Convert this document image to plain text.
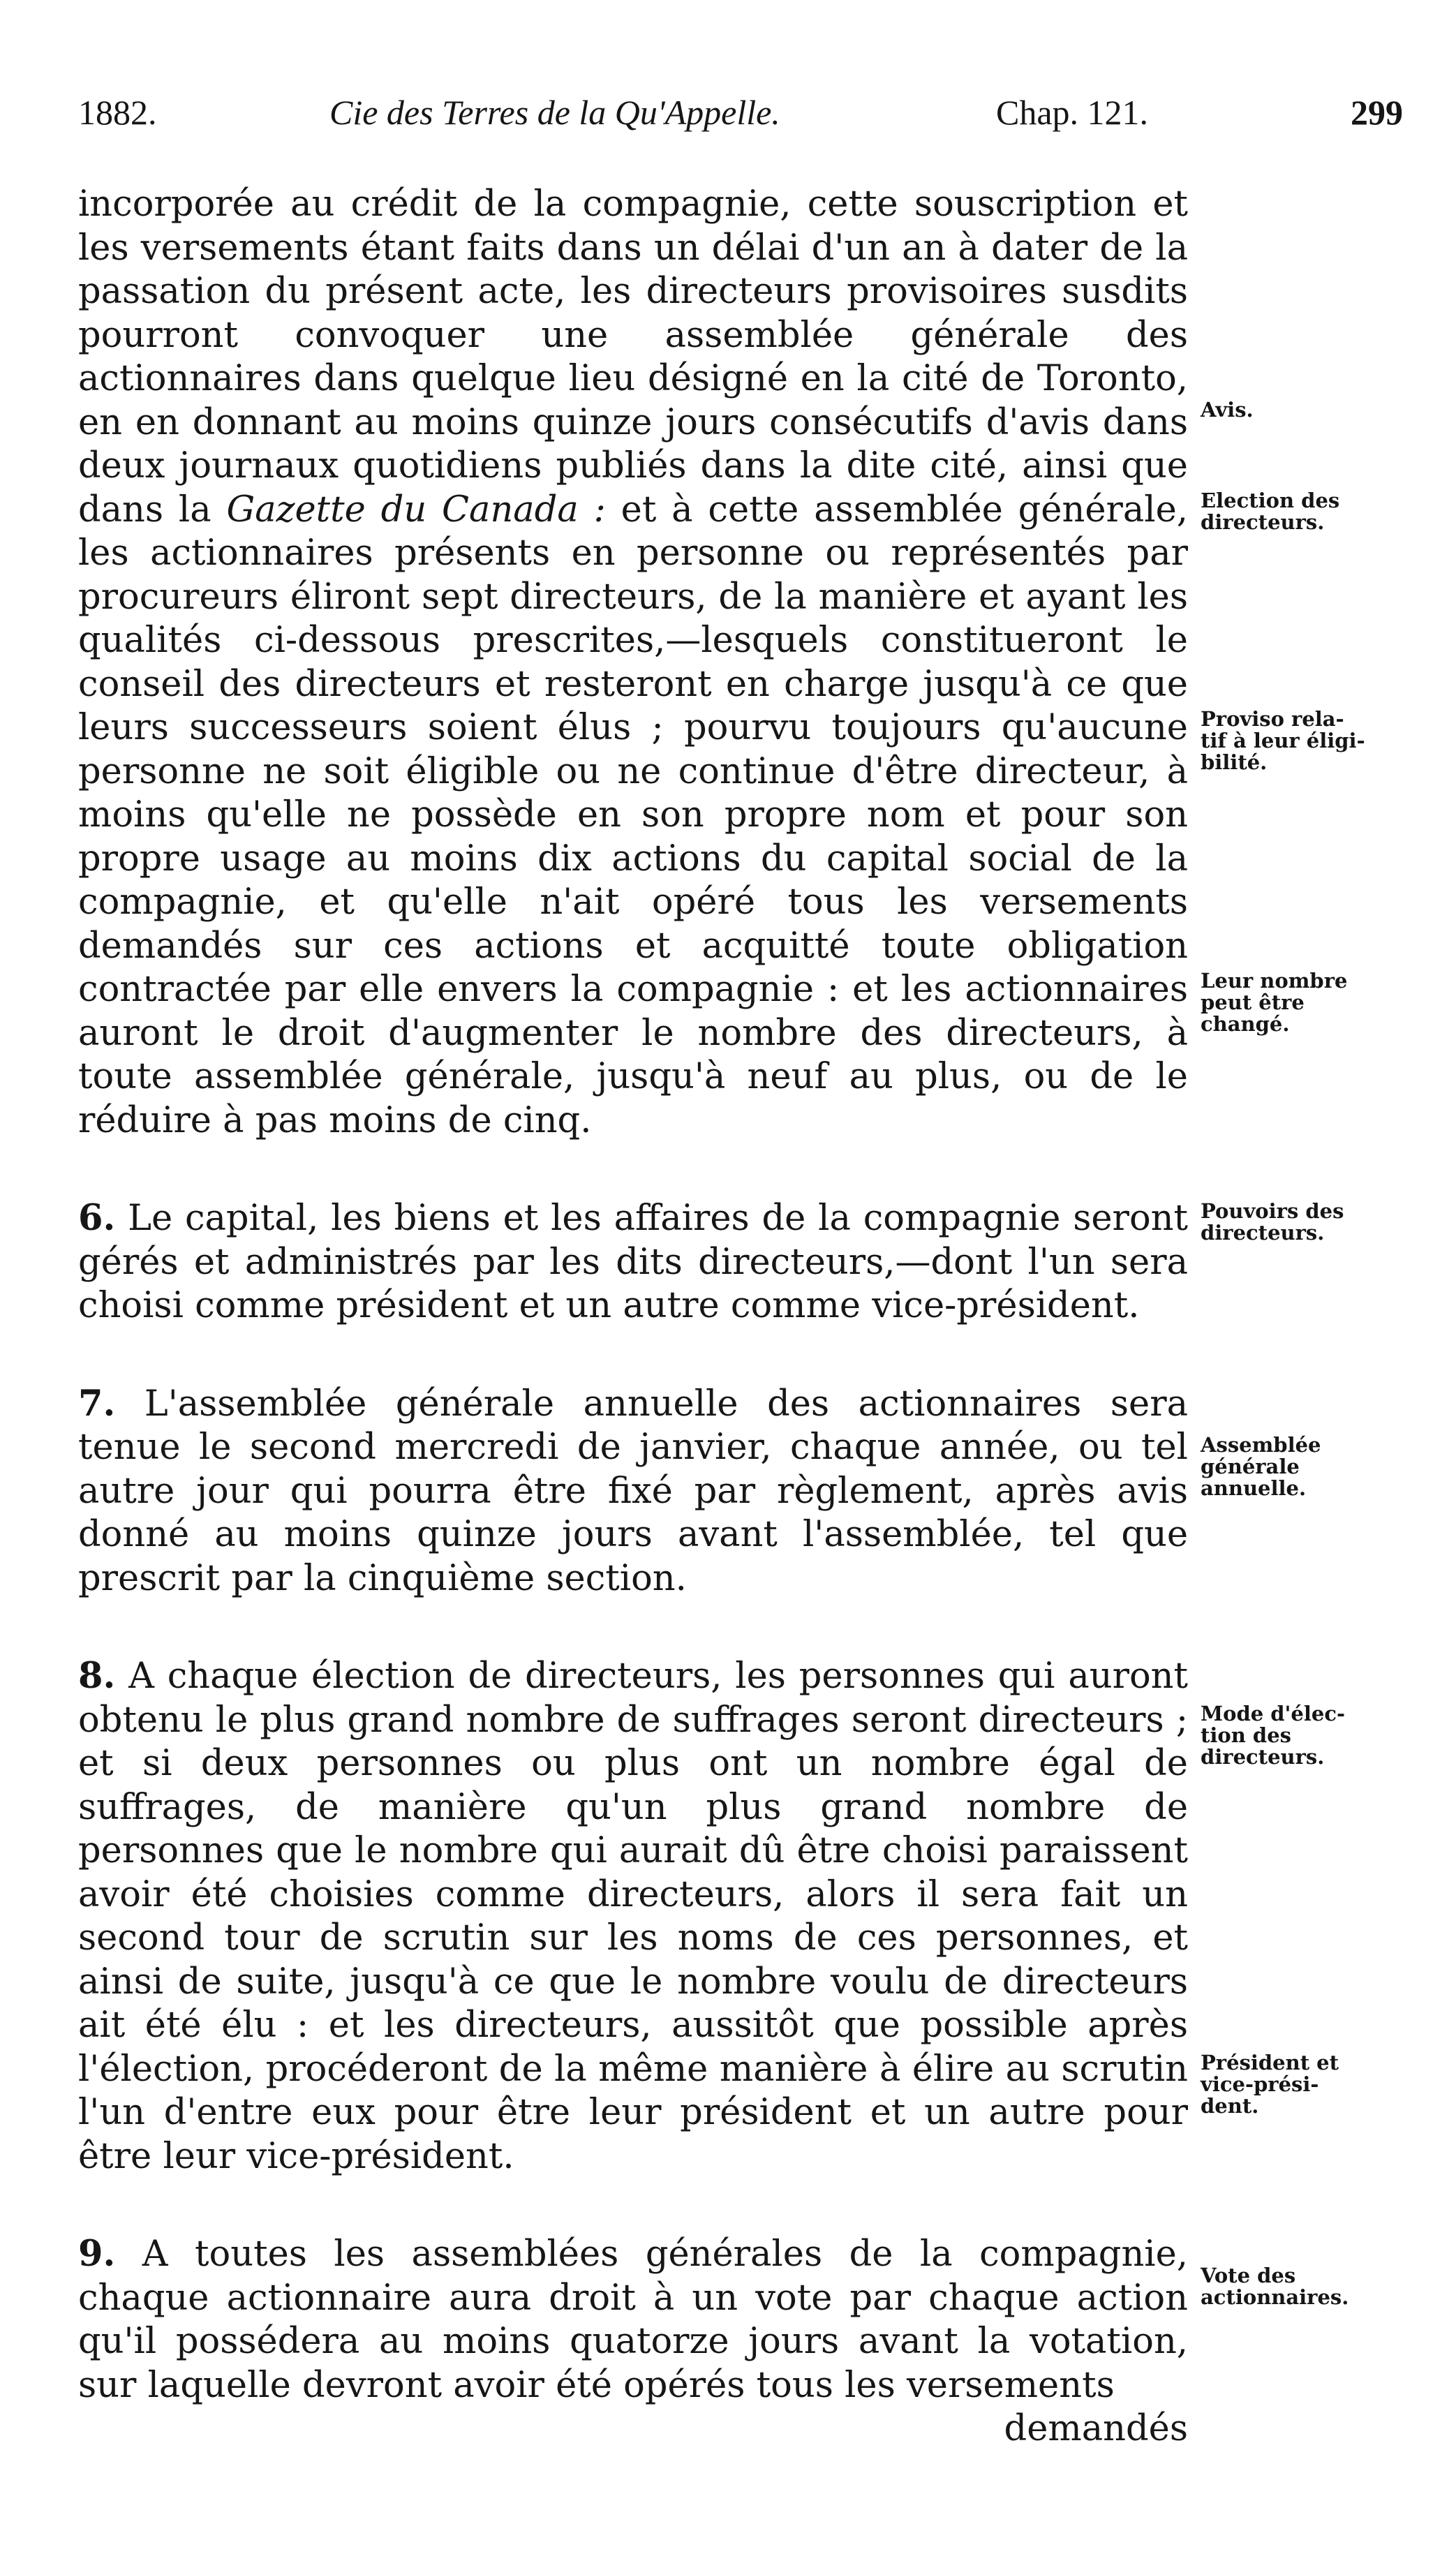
1882.	Cie des Terres de la Qu'Appelle.	Chap. 121.	299

incorporée au crédit de la compagnie, cette souscription et les versements étant faits dans un délai d'un an à dater de la passation du présent acte, les directeurs provisoires susdits pourront convoquer une assemblée générale des actionnaires dans quelque lieu désigné en la cité de Toronto, en en donnant au moins quinze jours consécutifs d'avis dans deux journaux quotidiens publiés dans la dite cité, ainsi que dans la Gazette du Canada : et à cette assemblée générale, les actionnaires présents en personne ou représentés par procureurs éliront sept directeurs, de la manière et ayant les qualités ci-dessous prescrites,—lesquels constitueront le conseil des directeurs et resteront en charge jusqu'à ce que leurs successeurs soient élus ; pourvu toujours qu'aucune personne ne soit éligible ou ne continue d'être directeur, à moins qu'elle ne possède en son propre nom et pour son propre usage au moins dix actions du capital social de la compagnie, et qu'elle n'ait opéré tous les versements demandés sur ces actions et acquitté toute obligation contractée par elle envers la compagnie : et les actionnaires auront le droit d'augmenter le nombre des directeurs, à toute assemblée générale, jusqu'à neuf au plus, ou de le réduire à pas moins de cinq.

6. Le capital, les biens et les affaires de la compagnie seront gérés et administrés par les dits directeurs,—dont l'un sera choisi comme président et un autre comme vice-président.

7. L'assemblée générale annuelle des actionnaires sera tenue le second mercredi de janvier, chaque année, ou tel autre jour qui pourra être fixé par règlement, après avis donné au moins quinze jours avant l'assemblée, tel que prescrit par la cinquième section.

8. A chaque élection de directeurs, les personnes qui auront obtenu le plus grand nombre de suffrages seront directeurs ; et si deux personnes ou plus ont un nombre égal de suffrages, de manière qu'un plus grand nombre de personnes que le nombre qui aurait dû être choisi paraissent avoir été choisies comme directeurs, alors il sera fait un second tour de scrutin sur les noms de ces personnes, et ainsi de suite, jusqu'à ce que le nombre voulu de directeurs ait été élu : et les directeurs, aussitôt que possible après l'élection, procéderont de la même manière à élire au scrutin l'un d'entre eux pour être leur président et un autre pour être leur vice-président.

9. A toutes les assemblées générales de la compagnie, chaque actionnaire aura droit à un vote par chaque action qu'il possédera au moins quatorze jours avant la votation, sur laquelle devront avoir été opérés tous les versements

demandés
Avis.
Election des
directeurs.
Proviso rela-
tif à leur éligi-
bilité.
Leur nombre
peut être
changé.
Pouvoirs des
directeurs.
Assemblée
générale
annuelle.
Mode d'élec-
tion des
directeurs.
Président et
vice-prési-
dent.
Vote des
actionnaires.
